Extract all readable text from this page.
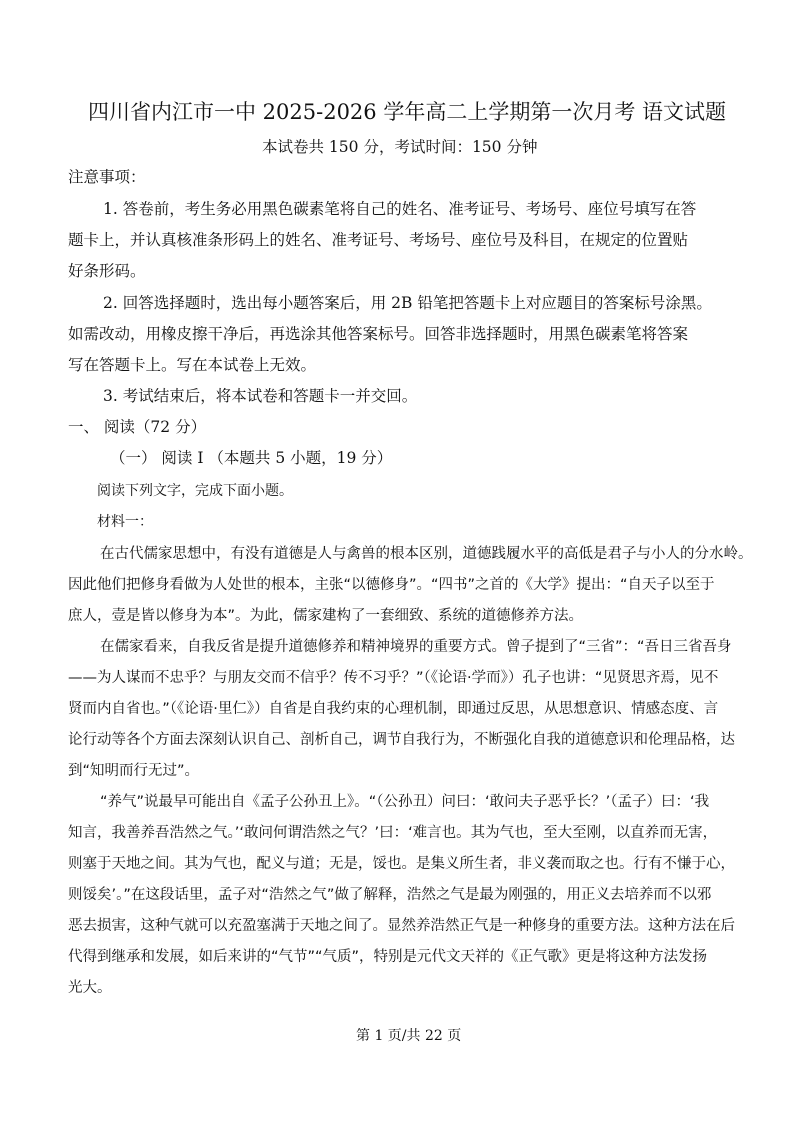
四川省内江市一中 2025-2026 学年高二上学期第一次月考 语文试题
本试卷共 150 分，考试时间：150 分钟
注意事项：
1. 答卷前，考生务必用黑色碳素笔将自己的姓名、准考证号、考场号、座位号填写在答
题卡上，并认真核准条形码上的姓名、准考证号、考场号、座位号及科目，在规定的位置贴
好条形码。
2. 回答选择题时，选出每小题答案后，用 2B 铅笔把答题卡上对应题目的答案标号涂黑。
如需改动，用橡皮擦干净后，再选涂其他答案标号。回答非选择题时，用黑色碳素笔将答案
写在答题卡上。写在本试卷上无效。
3. 考试结束后，将本试卷和答题卡一并交回。
一、 阅读（72 分）
（一） 阅读 I （本题共 5 小题，19 分）
阅读下列文字，完成下面小题。
材料一：
在古代儒家思想中，有没有道德是人与禽兽的根本区别，道德践履水平的高低是君子与小人的分水岭。
因此他们把修身看做为人处世的根本，主张“以德修身”。“四书”之首的《大学》提出：“自天子以至于
庶人，壹是皆以修身为本”。为此，儒家建构了一套细致、系统的道德修养方法。
在儒家看来，自我反省是提升道德修养和精神境界的重要方式。曾子提到了“三省”：“吾日三省吾身
——为人谋而不忠乎？与朋友交而不信乎？传不习乎？”（《论语·学而》）孔子也讲：“见贤思齐焉，见不
贤而内自省也。”（《论语·里仁》）自省是自我约束的心理机制，即通过反思，从思想意识、情感态度、言
论行动等各个方面去深刻认识自己、剖析自己，调节自我行为，不断强化自我的道德意识和伦理品格，达
到“知明而行无过”。
“养气”说最早可能出自《孟子公孙丑上》。“（公孙丑）问曰：‘敢问夫子恶乎长？’（孟子）曰：‘我
知言，我善养吾浩然之气。’‘敢问何谓浩然之气？’曰：‘难言也。其为气也，至大至刚，以直养而无害，
则塞于天地之间。其为气也，配义与道；无是，馁也。是集义所生者，非义袭而取之也。行有不慊于心，
则馁矣’。”在这段话里，孟子对“浩然之气”做了解释，浩然之气是最为刚强的，用正义去培养而不以邪
恶去损害，这种气就可以充盈塞满于天地之间了。显然养浩然正气是一种修身的重要方法。这种方法在后
代得到继承和发展，如后来讲的“气节”“气质”，特别是元代文天祥的《正气歌》更是将这种方法发扬
光大。
第 1 页/共 22 页
